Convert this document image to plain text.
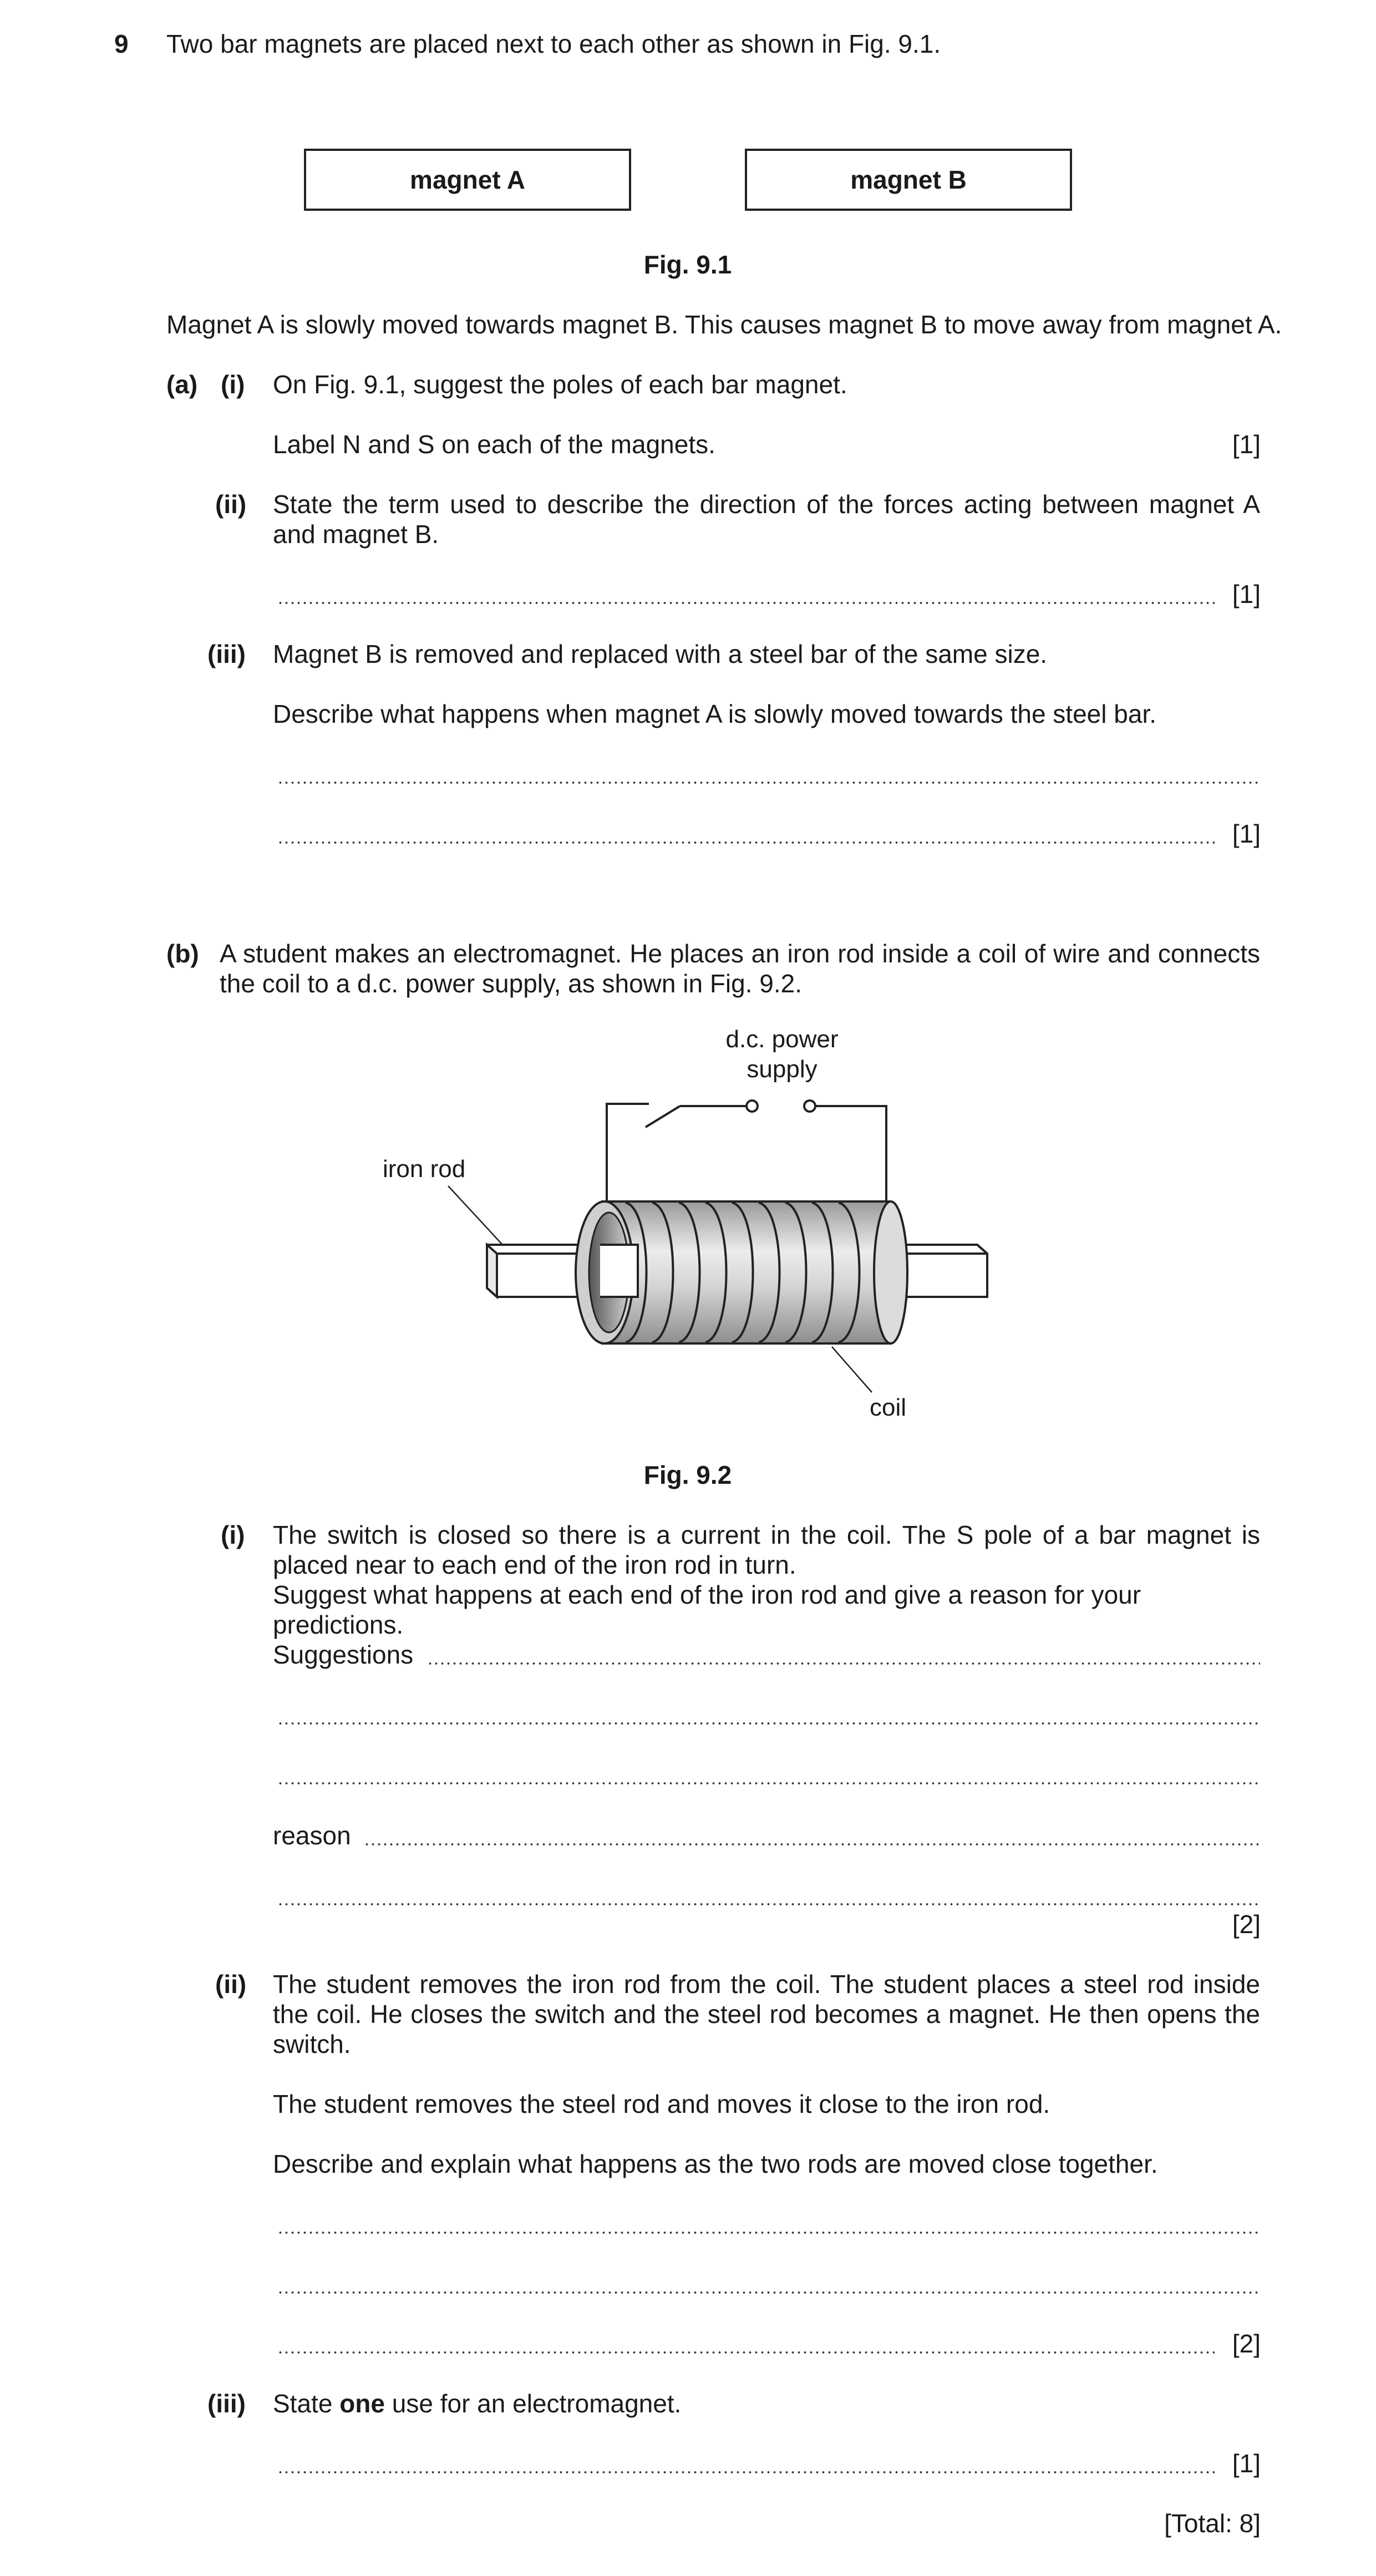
9 Two bar magnets are placed next to each other as shown in Fig. 9.1.
magnet A	magnet B
Fig. 9.1
Magnet A is slowly moved towards magnet B. This causes magnet B to move away from magnet A.
(a) (i) On Fig. 9.1, suggest the poles of each bar magnet.
Label N and S on each of the magnets.	[1]
(ii) State the term used to describe the direction of the forces acting between magnet A and magnet B.
[1]
(iii) Magnet B is removed and replaced with a steel bar of the same size.
Describe what happens when magnet A is slowly moved towards the steel bar.
[1]
(b) A student makes an electromagnet. He places an iron rod inside a coil of wire and connects the coil to a d.c. power supply, as shown in Fig. 9.2.
d.c. power
supply
iron rod
coil
Fig. 9.2
(i) The switch is closed so there is a current in the coil. The S pole of a bar magnet is placed near to each end of the iron rod in turn.
Suggest what happens at each end of the iron rod and give a reason for your predictions.
Suggestions
reason
[2]
(ii) The student removes the iron rod from the coil. The student places a steel rod inside the coil. He closes the switch and the steel rod becomes a magnet. He then opens the switch.
The student removes the steel rod and moves it close to the iron rod.
Describe and explain what happens as the two rods are moved close together.
[2]
(iii) State one use for an electromagnet.
[1]
[Total: 8]
